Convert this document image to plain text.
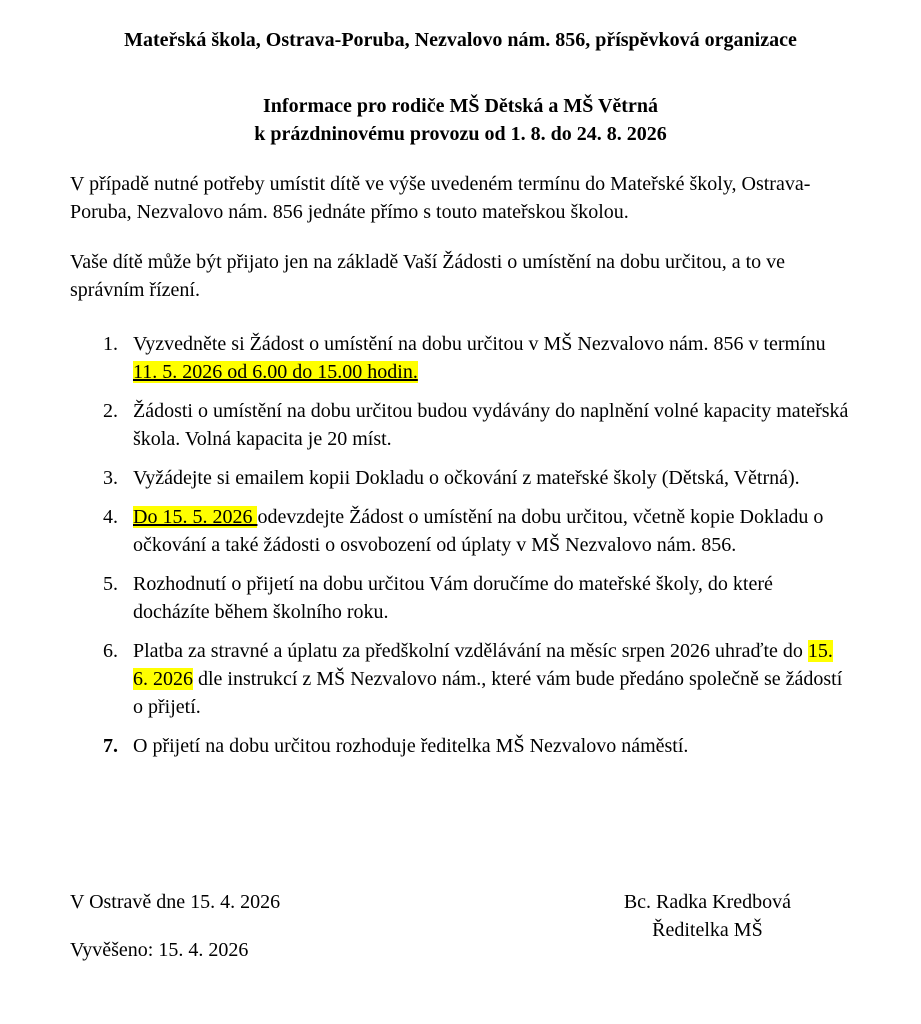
Mateřská škola, Ostrava-Poruba, Nezvalovo nám. 856, příspěvková organizace
Informace pro rodiče MŠ Dětská a MŠ Větrná
k prázdninovému provozu od 1. 8. do 24. 8. 2026
V případě nutné potřeby umístit dítě ve výše uvedeném termínu do Mateřské školy, Ostrava-Poruba, Nezvalovo nám. 856 jednáte přímo s touto mateřskou školou.
Vaše dítě může být přijato jen na základě Vaší Žádosti o umístění na dobu určitou, a to ve správním řízení.
1. Vyzvedněte si Žádost o umístění na dobu určitou v MŠ Nezvalovo nám. 856 v termínu 11. 5. 2026 od 6.00 do 15.00 hodin.
2. Žádosti o umístění na dobu určitou budou vydávány do naplnění volné kapacity mateřská škola. Volná kapacita je 20 míst.
3. Vyžádejte si emailem kopii Dokladu o očkování z mateřské školy (Dětská, Větrná).
4. Do 15. 5. 2026 odevzdejte Žádost o umístění na dobu určitou, včetně kopie Dokladu o očkování a také žádosti o osvobození od úplaty v MŠ Nezvalovo nám. 856.
5. Rozhodnutí o přijetí na dobu určitou Vám doručíme do mateřské školy, do které docházíte během školního roku.
6. Platba za stravné a úplatu za předškolní vzdělávání na měsíc srpen 2026 uhraďte do 15. 6. 2026 dle instrukcí z MŠ Nezvalovo nám., které vám bude předáno společně se žádostí o přijetí.
7. O přijetí na dobu určitou rozhoduje ředitelka MŠ Nezvalovo náměstí.
V Ostravě dne 15. 4. 2026
Vyvěšeno: 15. 4. 2026
Bc. Radka Kredbová
Ředitelka MŠ
